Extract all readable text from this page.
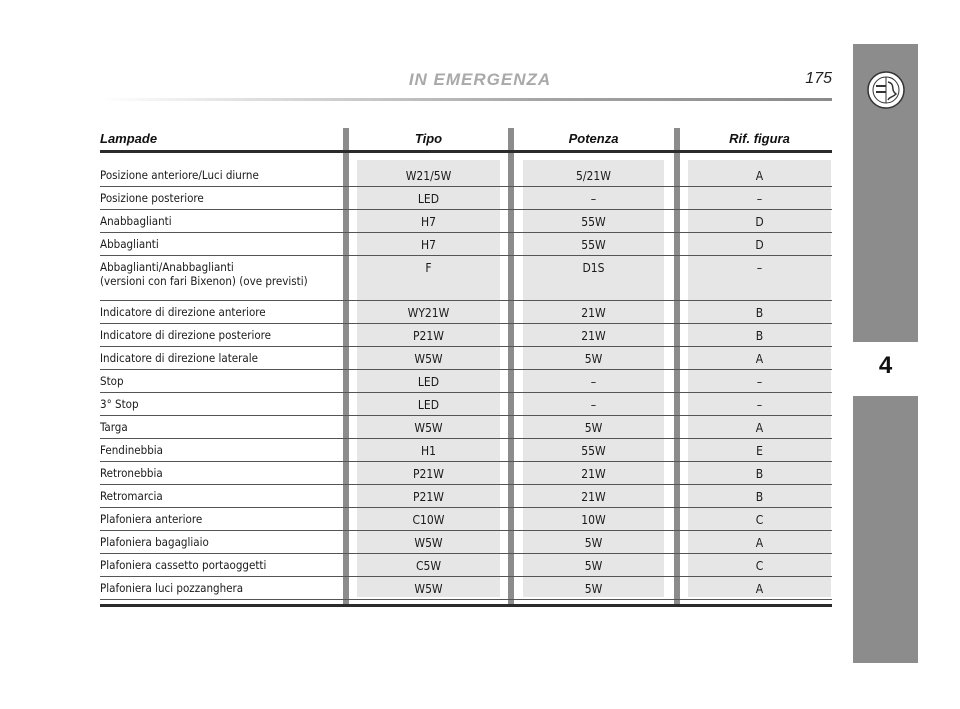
IN EMERGENZA	175
4
Lampade	Tipo	Potenza	Rif. figura
Posizione anteriore/Luci diurne	W21/5W	5/21W	A
Posizione posteriore	LED	–	–
Anabbaglianti	H7	55W	D
Abbaglianti	H7	55W	D
Abbaglianti/Anabbaglianti
(versioni con fari Bixenon) (ove previsti)
F	D1S	–
Indicatore di direzione anteriore	WY21W	21W	B
Indicatore di direzione posteriore	P21W	21W	B
Indicatore di direzione laterale	W5W	5W	A
Stop	LED	–	–
3° Stop	LED	–	–
Targa	W5W	5W	A
Fendinebbia	H1	55W	E
Retronebbia	P21W	21W	B
Retromarcia	P21W	21W	B
Plafoniera anteriore	C10W	10W	C
Plafoniera bagagliaio	W5W	5W	A
Plafoniera cassetto portaoggetti	C5W	5W	C
Plafoniera luci pozzanghera	W5W	5W	A
